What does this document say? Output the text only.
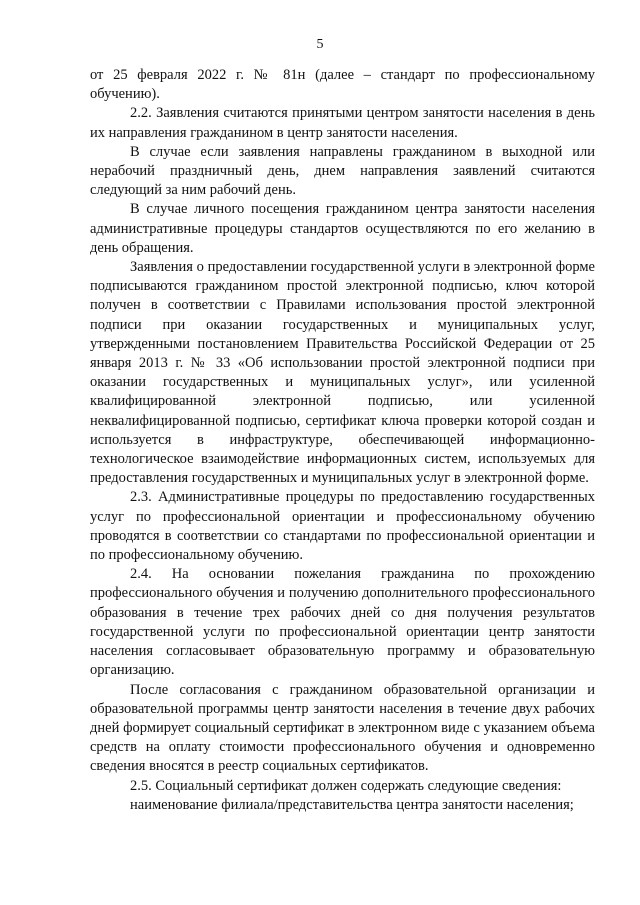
5

от 25 февраля 2022 г. № 81н (далее – стандарт по профессиональному обучению).

2.2. Заявления считаются принятыми центром занятости населения в день их направления гражданином в центр занятости населения.

В случае если заявления направлены гражданином в выходной или нерабочий праздничный день, днем направления заявлений считаются следующий за ним рабочий день.

В случае личного посещения гражданином центра занятости населения административные процедуры стандартов осуществляются по его желанию в день обращения.

Заявления о предоставлении государственной услуги в электронной форме подписываются гражданином простой электронной подписью, ключ которой получен в соответствии с Правилами использования простой электронной подписи при оказании государственных и муниципальных услуг, утвержденными постановлением Правительства Российской Федерации от 25 января 2013 г. № 33 «Об использовании простой электронной подписи при оказании государственных и муниципальных услуг», или усиленной квалифицированной электронной подписью, или усиленной неквалифицированной подписью, сертификат ключа проверки которой создан и используется в инфраструктуре, обеспечивающей информационно-технологическое взаимодействие информационных систем, используемых для предоставления государственных и муниципальных услуг в электронной форме.

2.3. Административные процедуры по предоставлению государственных услуг по профессиональной ориентации и профессиональному обучению проводятся в соответствии со стандартами по профессиональной ориентации и по профессиональному обучению.

2.4. На основании пожелания гражданина по прохождению профессионального обучения и получению дополнительного профессионального образования в течение трех рабочих дней со дня получения результатов государственной услуги по профессиональной ориентации центр занятости населения согласовывает образовательную программу и образовательную организацию.

После согласования с гражданином образовательной организации и образовательной программы центр занятости населения в течение двух рабочих дней формирует социальный сертификат в электронном виде с указанием объема средств на оплату стоимости профессионального обучения и одновременно сведения вносятся в реестр социальных сертификатов.

2.5. Социальный сертификат должен содержать следующие сведения:

наименование филиала/представительства центра занятости населения;
